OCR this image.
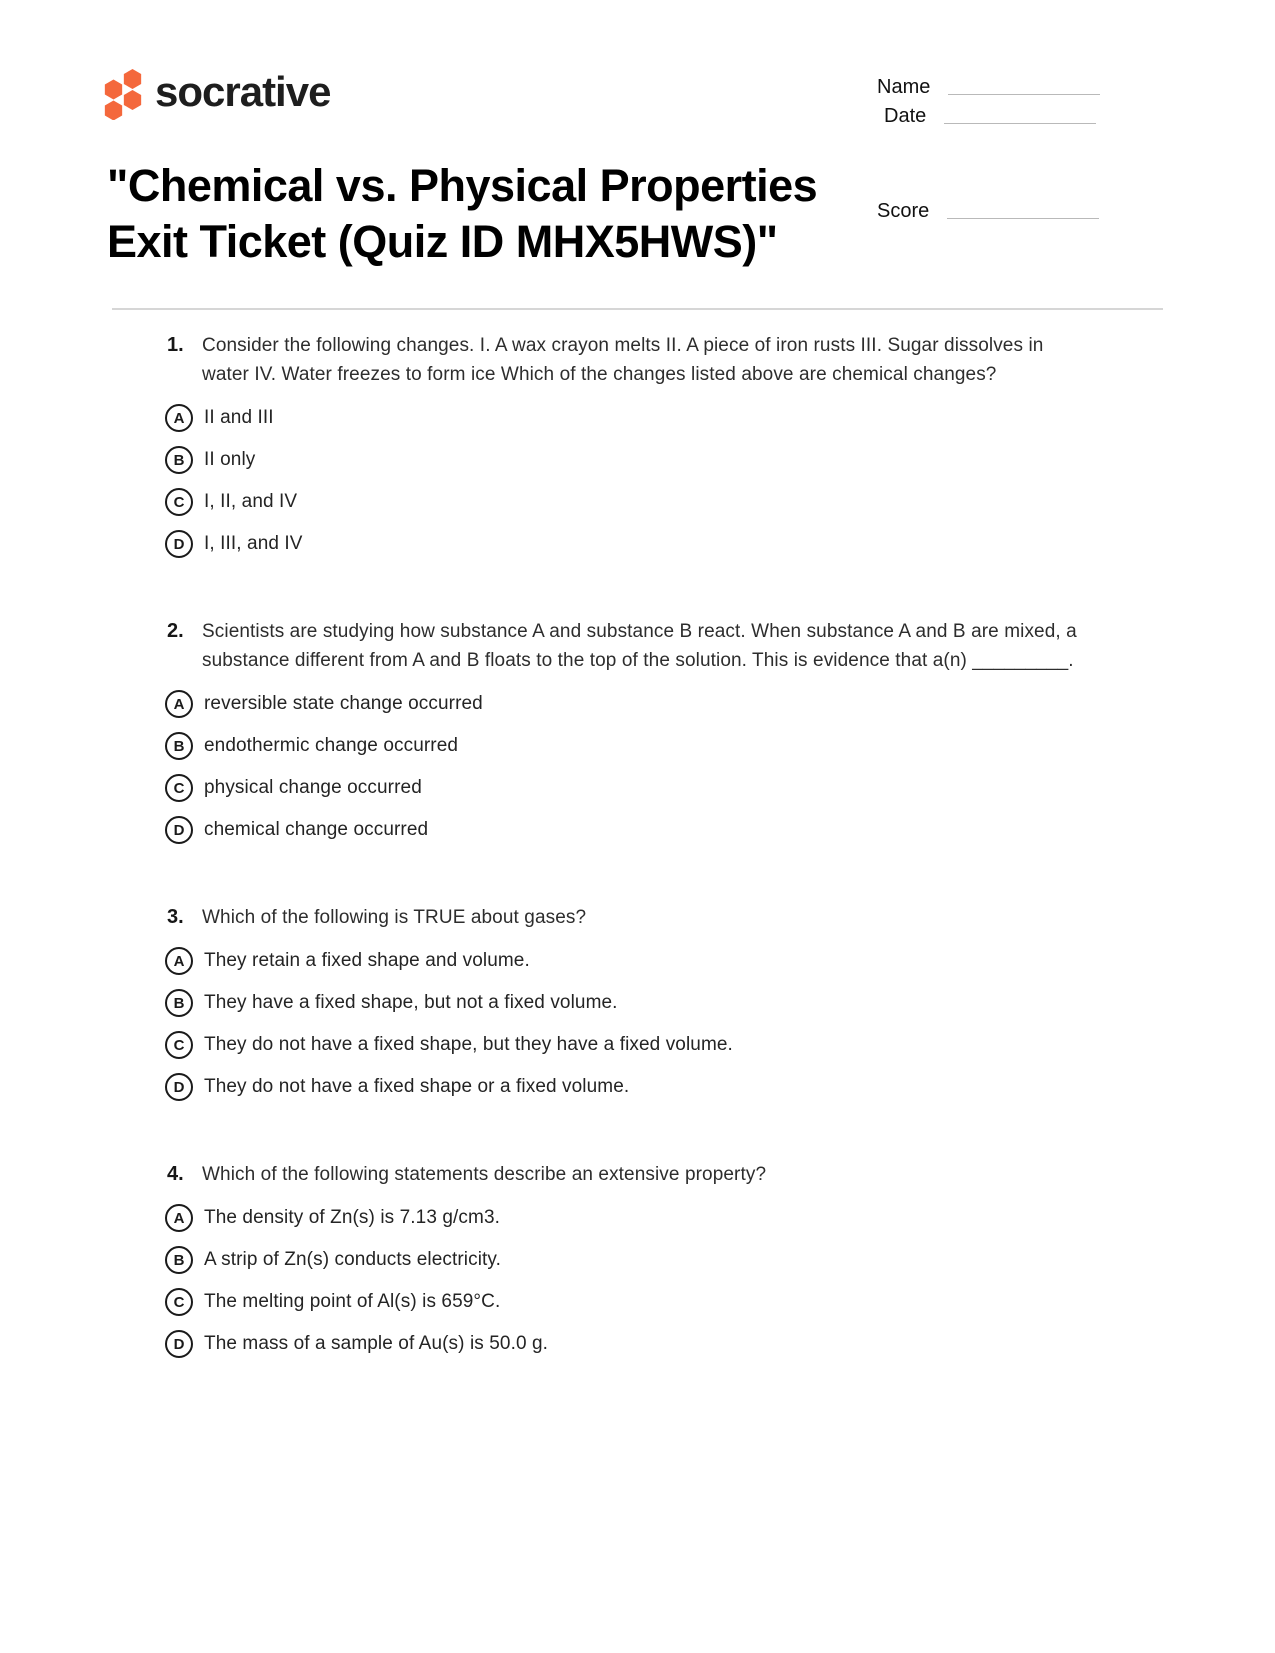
socrative	Name
Date
"Chemical vs. Physical Properties
Exit Ticket (Quiz ID MHX5HWS)"
Score
1. Consider the following changes. I. A wax crayon melts II. A piece of iron rusts III. Sugar dissolves in water IV. Water freezes to form ice Which of the changes listed above are chemical changes?
A	II and III
B	II only
C	I, II, and IV
D	I, III, and IV
2. Scientists are studying how substance A and substance B react. When substance A and B are mixed, a substance different from A and B floats to the top of the solution. This is evidence that a(n) _________.
A	reversible state change occurred
B	endothermic change occurred
C	physical change occurred
D	chemical change occurred
3. Which of the following is TRUE about gases?
A	They retain a fixed shape and volume.
B	They have a fixed shape, but not a fixed volume.
C	They do not have a fixed shape, but they have a fixed volume.
D	They do not have a fixed shape or a fixed volume.
4. Which of the following statements describe an extensive property?
A	The density of Zn(s) is 7.13 g/cm3.
B	A strip of Zn(s) conducts electricity.
C	The melting point of Al(s) is 659°C.
D	The mass of a sample of Au(s) is 50.0 g.
